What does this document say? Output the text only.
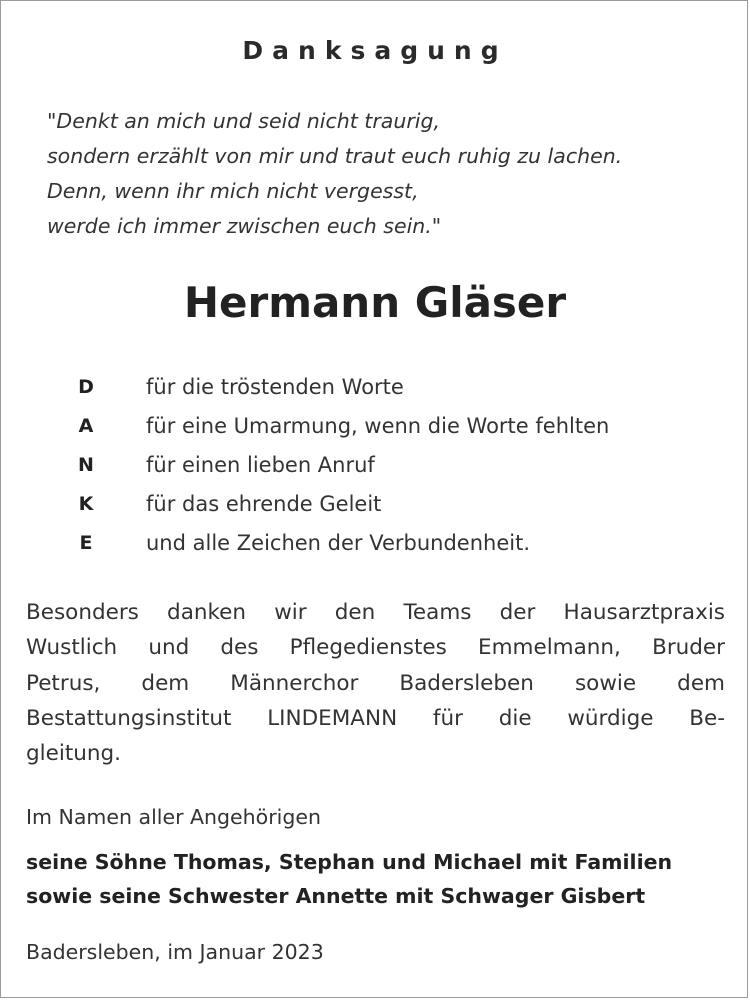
Danksagung
"Denkt an mich und seid nicht traurig,
sondern erzählt von mir und traut euch ruhig zu lachen.
Denn, wenn ihr mich nicht vergesst,
werde ich immer zwischen euch sein."
Hermann Gläser
D für die tröstenden Worte
A	für eine Umarmung, wenn die Worte fehlten
N für einen lieben Anruf
K	für das ehrende Geleit
E	und alle Zeichen der Verbundenheit.
Besonders danken wir den Teams der Hausarztpraxis
Wustlich und des Pflegedienstes Emmelmann, Bruder
Petrus, dem Männerchor Badersleben sowie dem
Bestattungsinstitut LINDEMANN für die würdige Be-
gleitung.
Im Namen aller Angehörigen
seine Söhne Thomas, Stephan und Michael mit Familien
sowie seine Schwester Annette mit Schwager Gisbert
Badersleben, im Januar 2023
